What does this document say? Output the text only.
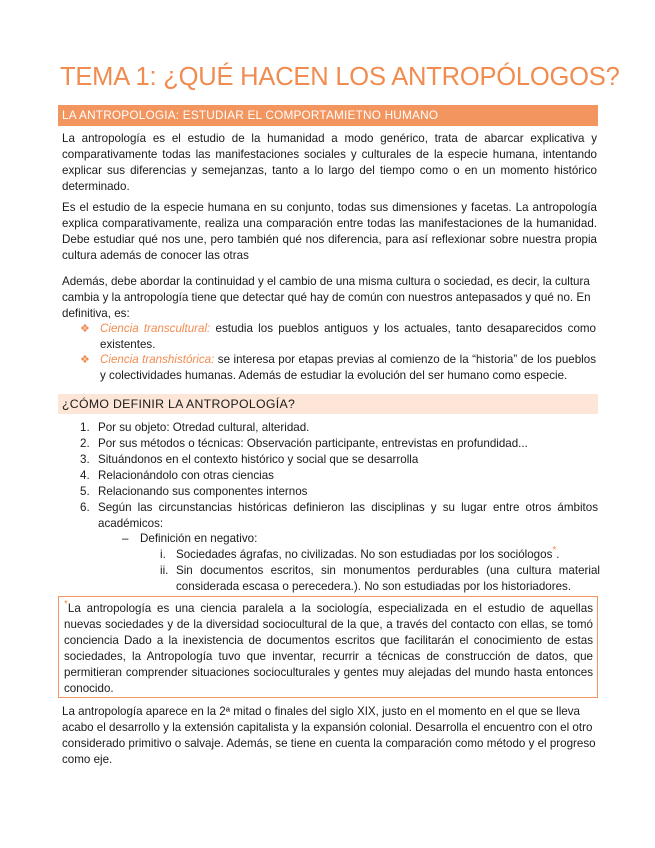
TEMA 1: ¿QUÉ HACEN LOS ANTROPÓLOGOS?
LA ANTROPOLOGIA: ESTUDIAR EL COMPORTAMIETNO HUMANO

La antropología es el estudio de la humanidad a modo genérico, trata de abarcar explicativa y comparativamente todas las manifestaciones sociales y culturales de la especie humana, intentando explicar sus diferencias y semejanzas, tanto a lo largo del tiempo como o en un momento histórico determinado.

Es el estudio de la especie humana en su conjunto, todas sus dimensiones y facetas. La antropología explica comparativamente, realiza una comparación entre todas las manifestaciones de la humanidad. Debe estudiar qué nos une, pero también qué nos diferencia, para así reflexionar sobre nuestra propia cultura además de conocer las otras

Además, debe abordar la continuidad y el cambio de una misma cultura o sociedad, es decir, la cultura cambia y la antropología tiene que detectar qué hay de común con nuestros antepasados y qué no. En definitiva, es:

❖ Ciencia transcultural: estudia los pueblos antiguos y los actuales, tanto desaparecidos como existentes.
❖ Ciencia transhistórica: se interesa por etapas previas al comienzo de la “historia” de los pueblos y colectividades humanas. Además de estudiar la evolución del ser humano como especie.
¿CÓMO DEFINIR LA ANTROPOLOGÍA?
1. Por su objeto: Otredad cultural, alteridad.
2. Por sus métodos o técnicas: Observación participante, entrevistas en profundidad...
3. Situándonos en el contexto histórico y social que se desarrolla
4. Relacionándolo con otras ciencias
5. Relacionando sus componentes internos
6. Según las circunstancias históricas definieron las disciplinas y su lugar entre otros ámbitos académicos:
– Definición en negativo:
i. Sociedades ágrafas, no civilizadas. No son estudiadas por los sociólogos*.
ii. Sin documentos escritos, sin monumentos perdurables (una cultura material considerada escasa o perecedera.). No son estudiadas por los historiadores.
*La antropología es una ciencia paralela a la sociología, especializada en el estudio de aquellas nuevas sociedades y de la diversidad sociocultural de la que, a través del contacto con ellas, se tomó conciencia Dado a la inexistencia de documentos escritos que facilitarán el conocimiento de estas sociedades, la Antropología tuvo que inventar, recurrir a técnicas de construcción de datos, que permitieran comprender situaciones socioculturales y gentes muy alejadas del mundo hasta entonces conocido.

La antropología aparece en la 2ª mitad o finales del siglo XIX, justo en el momento en el que se lleva acabo el desarrollo y la extensión capitalista y la expansión colonial. Desarrolla el encuentro con el otro considerado primitivo o salvaje. Además, se tiene en cuenta la comparación como método y el progreso como eje.
